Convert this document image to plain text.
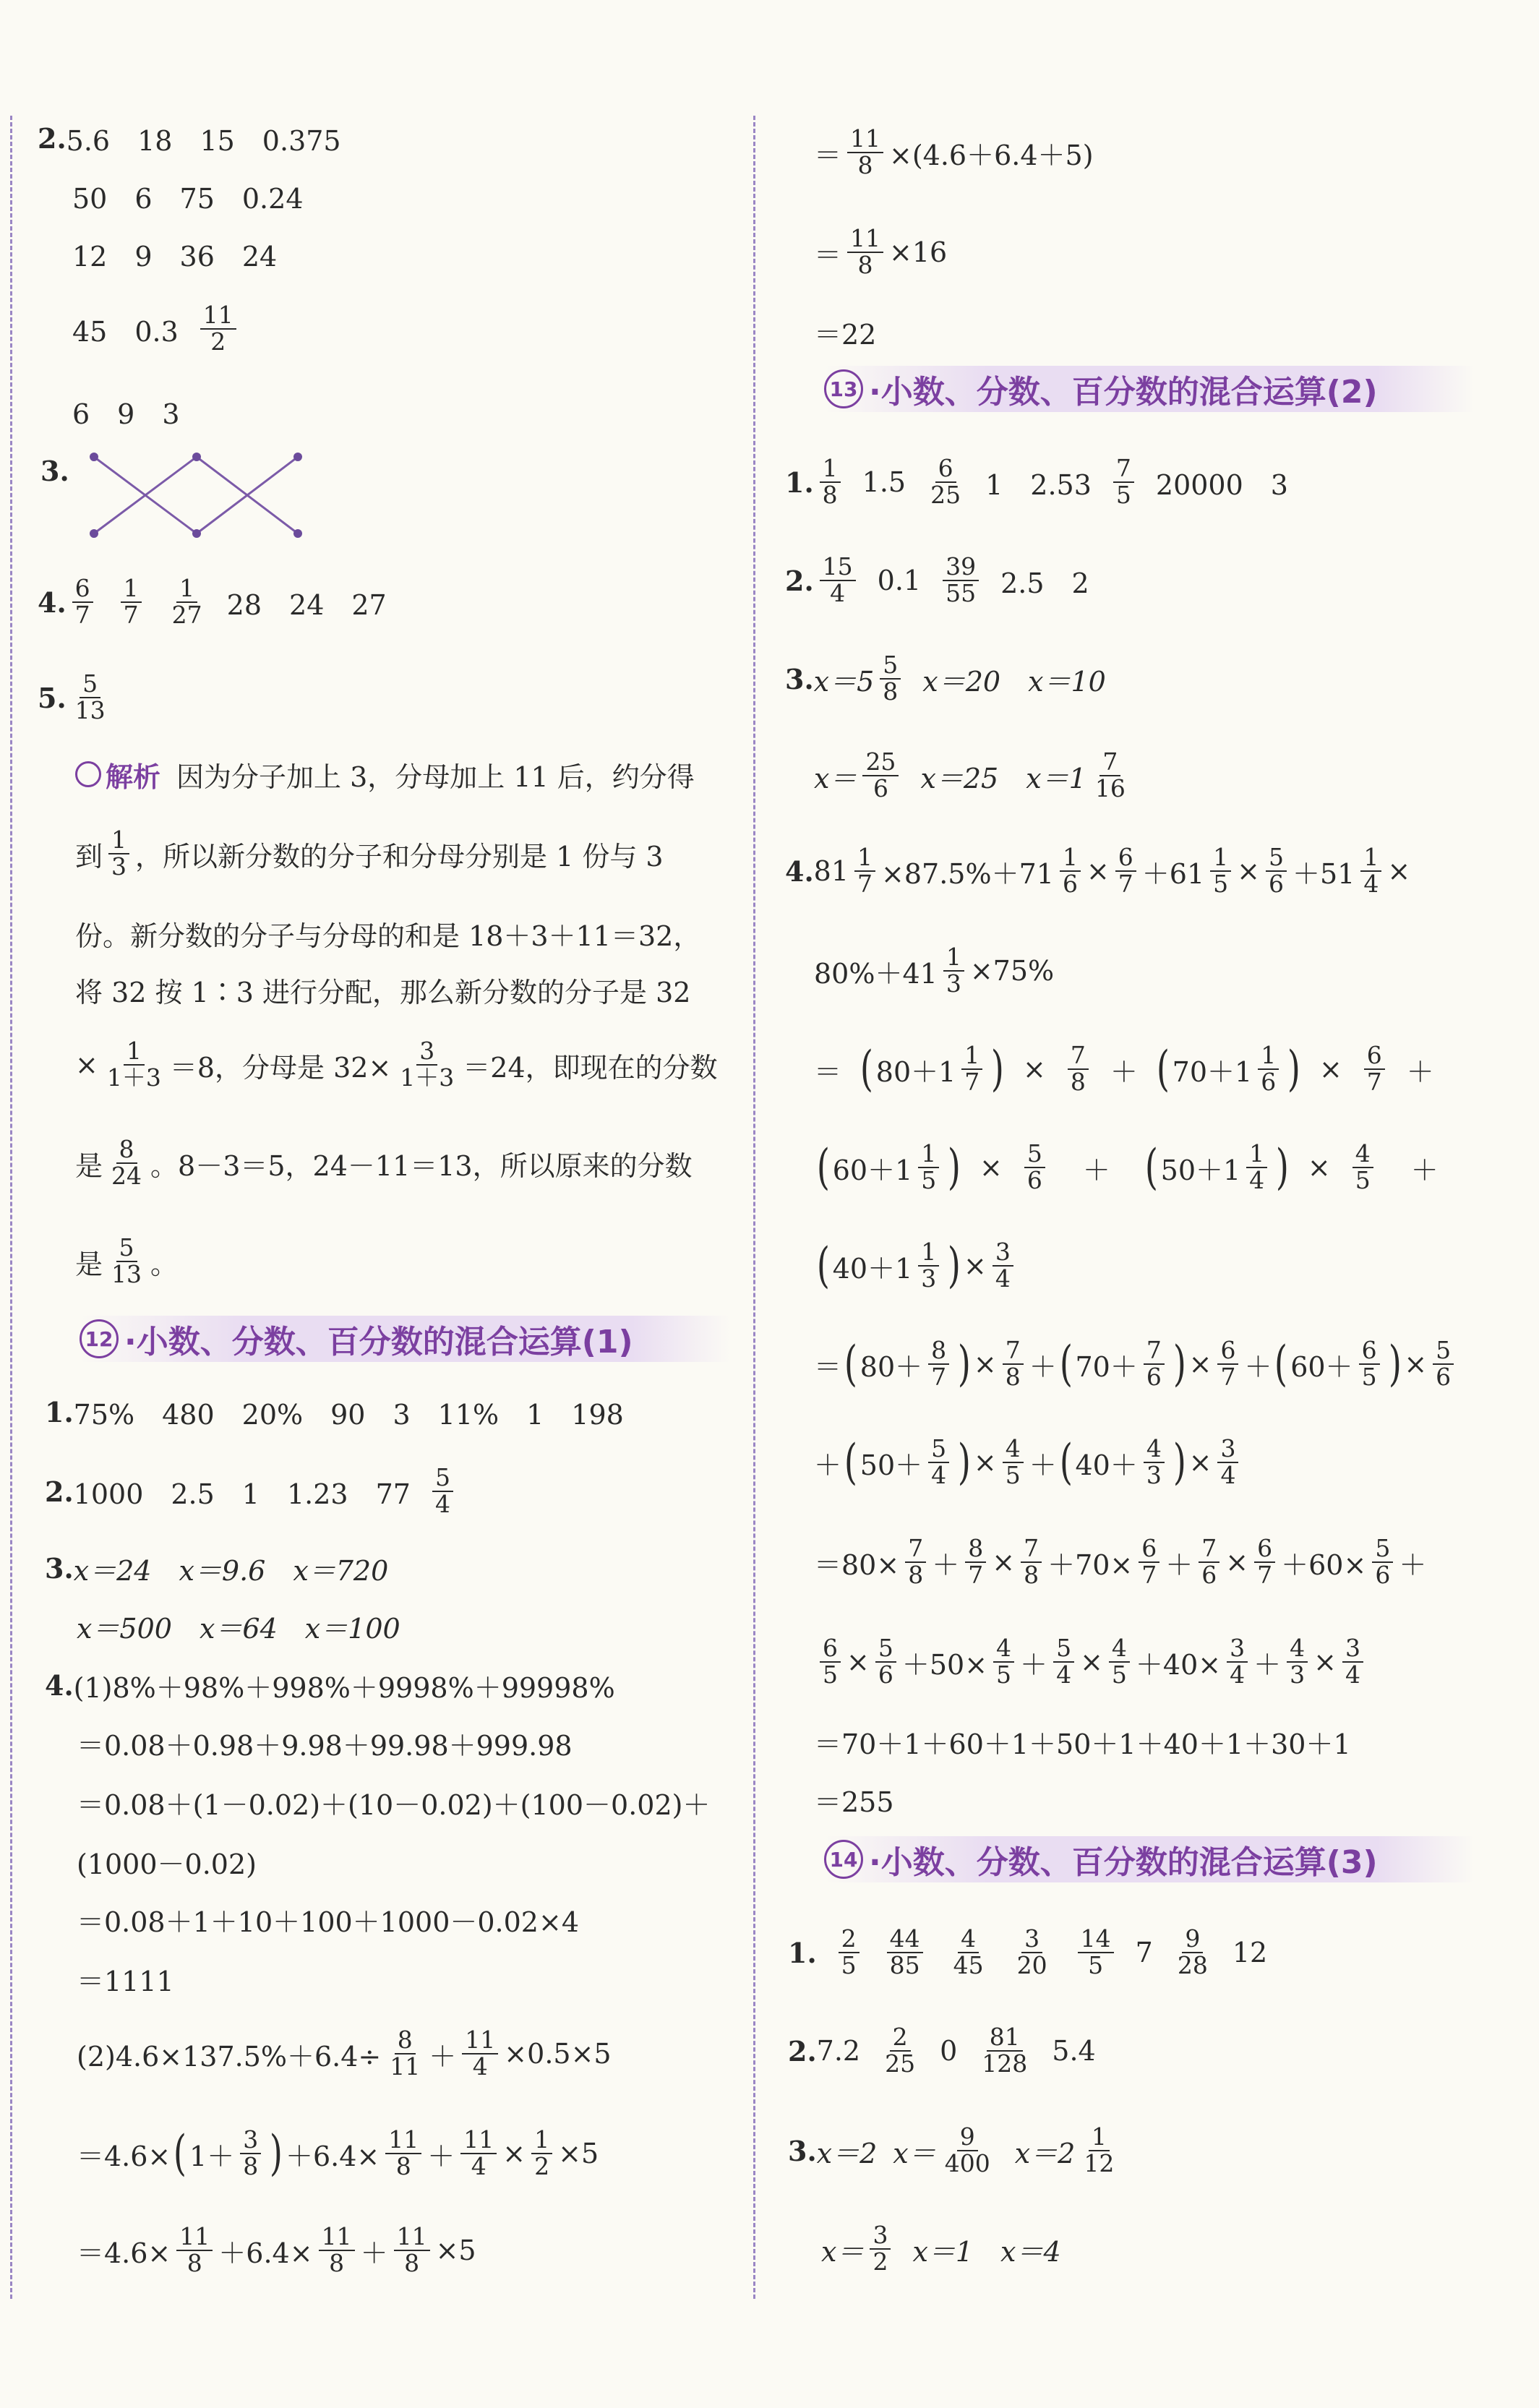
2. 5.6　18　15　0.375
50　6　75　0.24
12　9　36　24
45　0.3
11
2
6　9　3
3.
4. 6
7
1
7
1
27 28　24　27
5. 5
13
解析 因为分子加上 3，分母加上 11 后，约分得
到
1
3 ，所以新分数的分子和分母分别是 1 份与 3
份。新分数的分子与分母的和是 18＋3＋11＝32，
将 32 按 1∶3 进行分配，那么新分数的分子是 32
× $\frac{1}{1+3} =8$，分母是 $32\times \frac{3}{1+3} =24$，即现在的分数
是
8
24 。8－3＝5，24－11＝13，所以原来的分数
是
5
13 。
12 ·小数、分数、百分数的混合运算(1)
1. 75%　480　20%　90　3　11%　1　198
2. 1000　2.5　1　1.23　77
5
4
3. x＝24　x＝9.6　x＝720
x＝500　x＝64　x＝100
4. (1)8%＋98%＋998%＋9998%＋99998%
＝0.08＋0.98＋9.98＋99.98＋999.98
＝0.08＋(1－0.02)＋(10－0.02)＋(100－0.02)＋
(1000－0.02)
＝0.08＋1＋10＋100＋1000－0.02×4
＝1111
$(2)4.6\times 137.5\%+6.4\div \frac{8}{11} + \frac{11}{4} \times 0.5\times 5$
＝4.6× ( 1＋
3
8 ) $+6.4\times \frac{11}{8} + \frac{11}{4} \times \frac{1}{2} \times 5$
$=4.6\times \frac{11}{8} +6.4\times \frac{11}{8} + \frac{11}{8} \times 5$
＝ $\frac{11}{8} \times(4.6+6.4+5)$
＝ $\frac{11}{8} \times 16$
＝22
13 ·小数、分数、百分数的混合运算(2)
1. 1
8 1.5 6
25 1　2.53
7
5 20000　3
2. 15
4 0.1 39
55 2.5　2
3. x＝5
5
8 x＝20　x＝10
x＝
25
6 x＝25　x＝1
7
16
4. $81 \frac{1}{7} \times 87.5\%+71 \frac{1}{6} \times \frac{6}{7} +61 \frac{1}{5} \times \frac{5}{6} +51 \frac{1}{4}$ ×
$80\%+41 \frac{1}{3} \times 75\%$
＝ ( 80＋1
1
7 ) × 7
8 ＋ ( 70＋1
1
6 ) × 6
7 ＋
( 60＋1
1
5 ) × 5
6 ＋ ( 50＋1
1
4 ) × 4
5 ＋
( 40＋1
1
3 ) × $\frac{3}{4}$
＝ ( 80＋
8
7 ) × $\frac{7}{8}$ ＋ ( 70＋
7
6 ) × $\frac{6}{7}$ ＋ ( 60＋
6
5 ) × $\frac{5}{6}$
＋ ( 50＋
5
4 ) × $\frac{4}{5}$ ＋ ( 40＋
4
3 ) × $\frac{3}{4}$
$=80\times \frac{7}{8} + \frac{8}{7} \times \frac{7}{8} +70\times \frac{6}{7} + \frac{7}{6} \times \frac{6}{7} +60\times \frac{5}{6}$ ＋
$\frac{6}{5} \times \frac{5}{6} +50\times \frac{4}{5} + \frac{5}{4} \times \frac{4}{5} +40\times \frac{3}{4} + \frac{4}{3} \times \frac{3}{4}$
＝70＋1＋60＋1＋50＋1＋40＋1＋30＋1
＝255
14 ·小数、分数、百分数的混合运算(3)
1. 2
5
44
85
4
45
3
20
14
5 7 9
28 12
2. 7.2 2
25 0 81
128 5.4
3. x＝2 x＝
9
400 x＝2
1
12
x＝
3
2 x＝1　x＝4
